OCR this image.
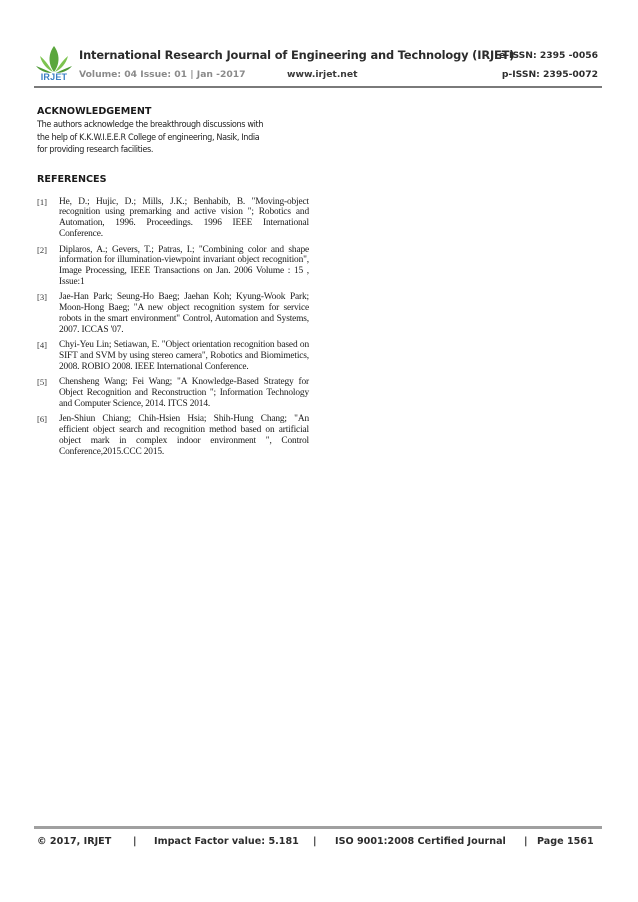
IRJET
International Research Journal of Engineering and Technology (IRJET)
e-ISSN: 2395 -0056
Volume: 04 Issue: 01 | Jan -2017	www.irjet.net	p-ISSN: 2395-0072
ACKNOWLEDGEMENT
The authors acknowledge the breakthrough discussions with
the help of K.K.W.I.E.E.R College of engineering, Nasik, India
for providing research facilities.
REFERENCES
[1]	He, D.; Hujic, D.; Mills, J.K.; Benhabib, B. "Moving-object recognition using premarking and active vision "; Robotics and Automation, 1996. Proceedings. 1996 IEEE International Conference.
[2]	Diplaros, A.; Gevers, T.; Patras, I.; "Combining color and shape information for illumination-viewpoint invariant object recognition", Image Processing, IEEE Transactions on Jan. 2006 Volume : 15 , Issue:1
[3]	Jae-Han Park; Seung-Ho Baeg; Jaehan Koh; Kyung-Wook Park; Moon-Hong Baeg; "A new object recognition system for service robots in the smart environment" Control, Automation and Systems, 2007. ICCAS '07.
[4]	Chyi-Yeu Lin; Setiawan, E. "Object orientation recognition based on SIFT and SVM by using stereo camera", Robotics and Biomimetics, 2008. ROBIO 2008. IEEE International Conference.
[5]	Chensheng Wang; Fei Wang; "A Knowledge-Based Strategy for Object Recognition and Reconstruction "; Information Technology and Computer Science, 2014. ITCS 2014.
[6]	Jen-Shiun Chiang; Chih-Hsien Hsia; Shih-Hung Chang; "An efficient object search and recognition method based on artificial object mark in complex indoor environment ", Control Conference,2015.CCC 2015.
© 2017, IRJET | Impact Factor value: 5.181 | ISO 9001:2008 Certified Journal | Page 1561
